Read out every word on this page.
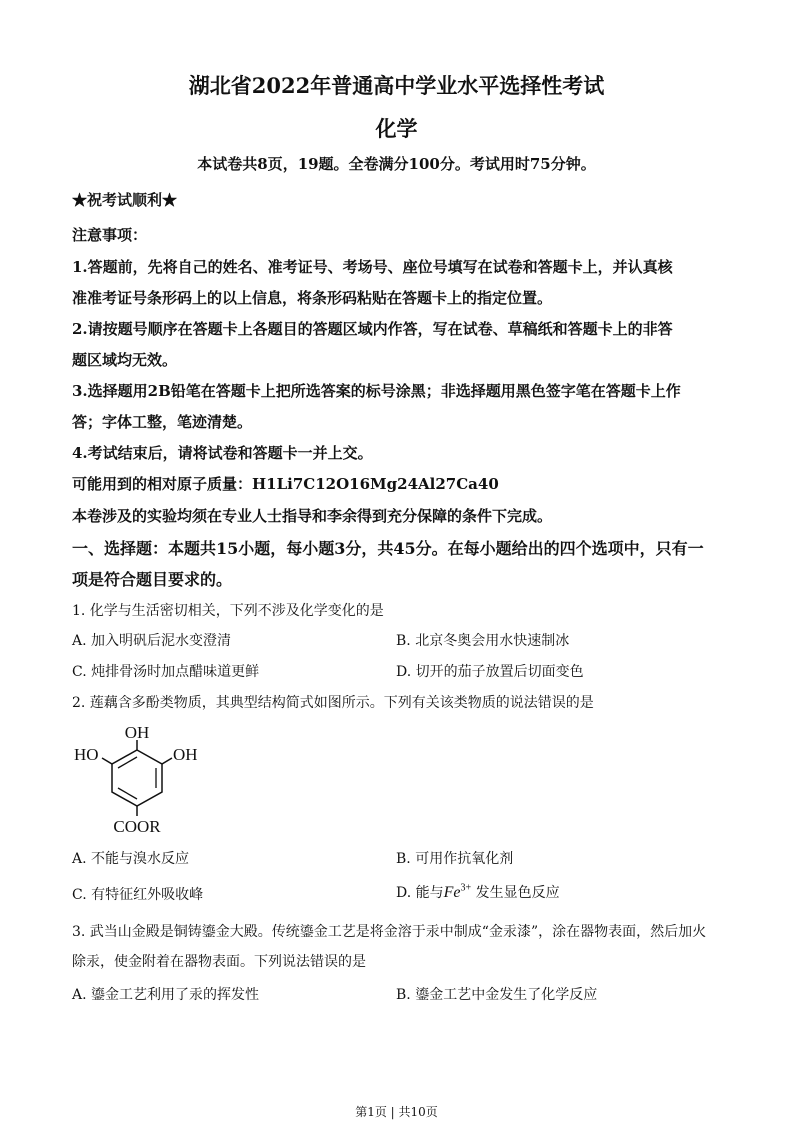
湖北省2022年普通高中学业水平选择性考试
化学
本试卷共8页，19题。全卷满分100分。考试用时75分钟。
★祝考试顺利★
注意事项：
1.答题前，先将自己的姓名、准考证号、考场号、座位号填写在试卷和答题卡上，并认真核
准准考证号条形码上的以上信息，将条形码粘贴在答题卡上的指定位置。
2.请按题号顺序在答题卡上各题目的答题区域内作答，写在试卷、草稿纸和答题卡上的非答
题区域均无效。
3.选择题用2B铅笔在答题卡上把所选答案的标号涂黑；非选择题用黑色签字笔在答题卡上作
答；字体工整，笔迹清楚。
4.考试结束后，请将试卷和答题卡一并上交。
可能用到的相对原子质量：H1Li7C12O16Mg24Al27Ca40
本卷涉及的实验均须在专业人士指导和李余得到充分保障的条件下完成。
一、选择题：本题共15小题，每小题3分，共45分。在每小题给出的四个选项中，只有一
项是符合题目要求的。
1. 化学与生活密切相关，下列不涉及化学变化的是
A. 加入明矾后泥水变澄清	B. 北京冬奥会用水快速制冰
C. 炖排骨汤时加点醋味道更鲜	D. 切开的茄子放置后切面变色
2. 莲藕含多酚类物质，其典型结构简式如图所示。下列有关该类物质的说法错误的是
OH
HO	OH
COOR
A. 不能与溴水反应	B. 可用作抗氧化剂
C. 有特征红外吸收峰	D. 能与$Fe^{3+}$ 发生显色反应
3. 武当山金殿是铜铸鎏金大殿。传统鎏金工艺是将金溶于汞中制成“金汞漆”，涂在器物表面，然后加火
除汞，使金附着在器物表面。下列说法错误的是
A. 鎏金工艺利用了汞的挥发性	B. 鎏金工艺中金发生了化学反应
第1页 | 共10页
